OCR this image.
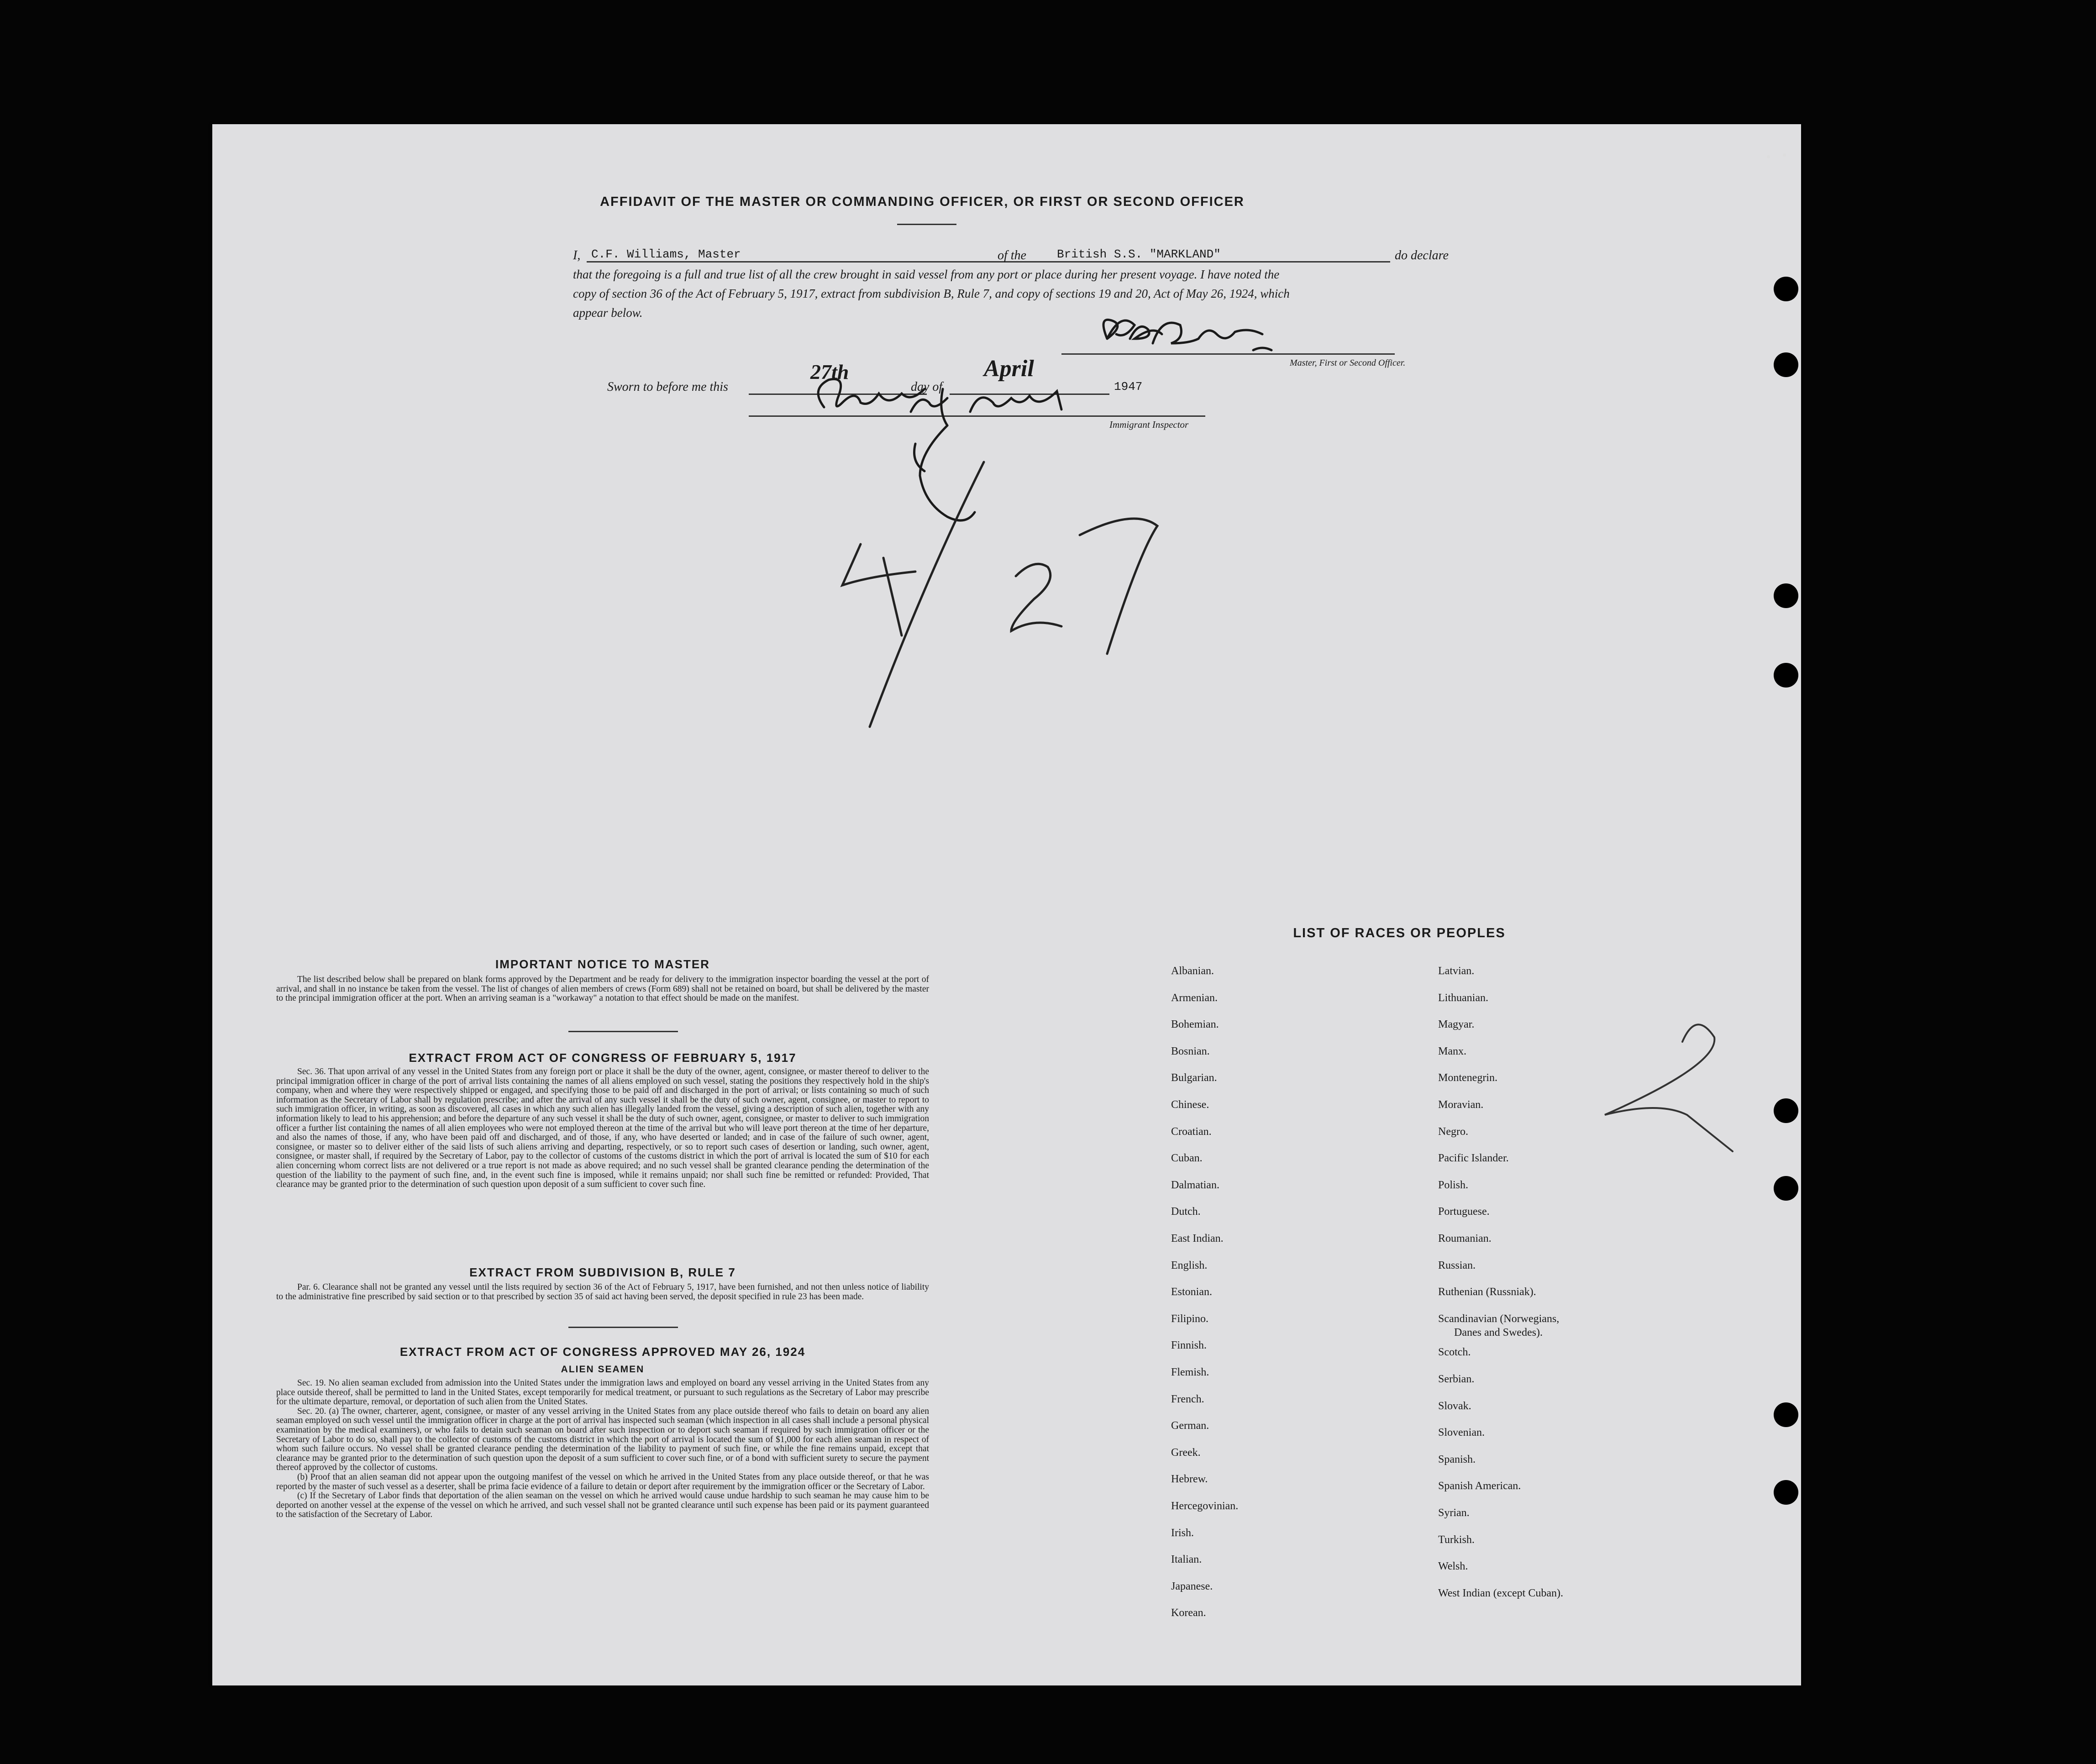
AFFIDAVIT OF THE MASTER OR COMMANDING OFFICER, OR FIRST OR SECOND OFFICER
I, C.F. Williams, Master	of the	British S.S. "MARKLAND"	do declare
that the foregoing is a full and true list of all the crew brought in said vessel from any port or place during her present voyage. I have noted the
copy of section 36 of the Act of February 5, 1917, extract from subdivision B, Rule 7, and copy of sections 19 and 20, Act of May 26, 1924, which
appear below.
Master, First or Second Officer.
Sworn to before me this
27th
day of
April
1947
Immigrant Inspector
IMPORTANT NOTICE TO MASTER

The list described below shall be prepared on blank forms approved by the Department and be ready for delivery to the immigration inspector boarding the vessel at the port of arrival, and shall in no instance be taken from the vessel. The list of changes of alien members of crews (Form 689) shall not be retained on board, but shall be delivered by the master to the principal immigration officer at the port. When an arriving seaman is a "workaway" a notation to that effect should be made on the manifest.

EXTRACT FROM ACT OF CONGRESS OF FEBRUARY 5, 1917

Sec. 36. That upon arrival of any vessel in the United States from any foreign port or place it shall be the duty of the owner, agent, consignee, or master thereof to deliver to the principal immigration officer in charge of the port of arrival lists containing the names of all aliens employed on such vessel, stating the positions they respectively hold in the ship's company, when and where they were respectively shipped or engaged, and specifying those to be paid off and discharged in the port of arrival; or lists containing so much of such information as the Secretary of Labor shall by regulation prescribe; and after the arrival of any such vessel it shall be the duty of such owner, agent, consignee, or master to report to such immigration officer, in writing, as soon as discovered, all cases in which any such alien has illegally landed from the vessel, giving a description of such alien, together with any information likely to lead to his apprehension; and before the departure of any such vessel it shall be the duty of such owner, agent, consignee, or master to deliver to such immigration officer a further list containing the names of all alien employees who were not employed thereon at the time of the arrival but who will leave port thereon at the time of her departure, and also the names of those, if any, who have been paid off and discharged, and of those, if any, who have deserted or landed; and in case of the failure of such owner, agent, consignee, or master so to deliver either of the said lists of such aliens arriving and departing, respectively, or so to report such cases of desertion or landing, such owner, agent, consignee, or master shall, if required by the Secretary of Labor, pay to the collector of customs of the customs district in which the port of arrival is located the sum of $10 for each alien concerning whom correct lists are not delivered or a true report is not made as above required; and no such vessel shall be granted clearance pending the determination of the question of the liability to the payment of such fine, and, in the event such fine is imposed, while it remains unpaid; nor shall such fine be remitted or refunded: Provided, That clearance may be granted prior to the determination of such question upon deposit of a sum sufficient to cover such fine.

EXTRACT FROM SUBDIVISION B, RULE 7

Par. 6. Clearance shall not be granted any vessel until the lists required by section 36 of the Act of February 5, 1917, have been furnished, and not then unless notice of liability to the administrative fine prescribed by said section or to that prescribed by section 35 of said act having been served, the deposit specified in rule 23 has been made.

EXTRACT FROM ACT OF CONGRESS APPROVED MAY 26, 1924
ALIEN SEAMEN

Sec. 19. No alien seaman excluded from admission into the United States under the immigration laws and employed on board any vessel arriving in the United States from any place outside thereof, shall be permitted to land in the United States, except temporarily for medical treatment, or pursuant to such regulations as the Secretary of Labor may prescribe for the ultimate departure, removal, or deportation of such alien from the United States.

Sec. 20. (a) The owner, charterer, agent, consignee, or master of any vessel arriving in the United States from any place outside thereof who fails to detain on board any alien seaman employed on such vessel until the immigration officer in charge at the port of arrival has inspected such seaman (which inspection in all cases shall include a personal physical examination by the medical examiners), or who fails to detain such seaman on board after such inspection or to deport such seaman if required by such immigration officer or the Secretary of Labor to do so, shall pay to the collector of customs of the customs district in which the port of arrival is located the sum of $1,000 for each alien seaman in respect of whom such failure occurs. No vessel shall be granted clearance pending the determination of the liability to payment of such fine, or while the fine remains unpaid, except that clearance may be granted prior to the determination of such question upon the deposit of a sum sufficient to cover such fine, or of a bond with sufficient surety to secure the payment thereof approved by the collector of customs.

(b) Proof that an alien seaman did not appear upon the outgoing manifest of the vessel on which he arrived in the United States from any place outside thereof, or that he was reported by the master of such vessel as a deserter, shall be prima facie evidence of a failure to detain or deport after requirement by the immigration officer or the Secretary of Labor.

(c) If the Secretary of Labor finds that deportation of the alien seaman on the vessel on which he arrived would cause undue hardship to such seaman he may cause him to be deported on another vessel at the expense of the vessel on which he arrived, and such vessel shall not be granted clearance until such expense has been paid or its payment guaranteed to the satisfaction of the Secretary of Labor.

LIST OF RACES OR PEOPLES
Albanian.
Armenian.
Bohemian.
Bosnian.
Bulgarian.
Chinese.
Croatian.
Cuban.
Dalmatian.
Dutch.
East Indian.
English.
Estonian.
Filipino.
Finnish.
Flemish.
French.
German.
Greek.
Hebrew.
Hercegovinian.
Irish.
Italian.
Japanese.
Korean.
Latvian.
Lithuanian.
Magyar.
Manx.
Montenegrin.
Moravian.
Negro.
Pacific Islander.
Polish.
Portuguese.
Roumanian.
Russian.
Ruthenian (Russniak).
Scandinavian (Norwegians,
Danes and Swedes).
Scotch.
Serbian.
Slovak.
Slovenian.
Spanish.
Spanish American.
Syrian.
Turkish.
Welsh.
West Indian (except Cuban).
